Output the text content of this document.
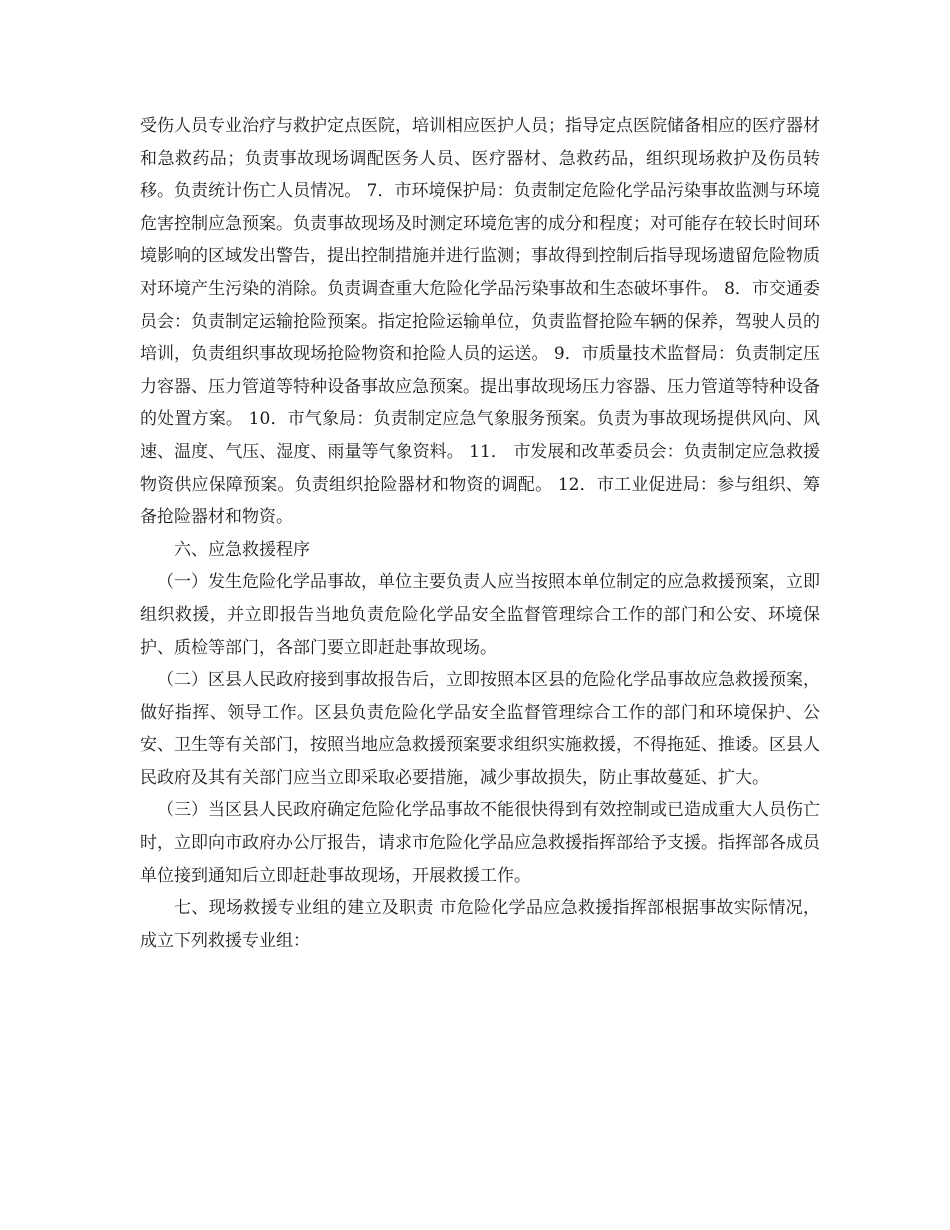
受伤人员专业治疗与救护定点医院，培训相应医护人员；指导定点医院储备相应的医疗器材和急救药品；负责事故现场调配医务人员、医疗器材、急救药品，组织现场救护及伤员转移。负责统计伤亡人员情况。 7．市环境保护局：负责制定危险化学品污染事故监测与环境危害控制应急预案。负责事故现场及时测定环境危害的成分和程度；对可能存在较长时间环境影响的区域发出警告，提出控制措施并进行监测；事故得到控制后指导现场遗留危险物质对环境产生污染的消除。负责调查重大危险化学品污染事故和生态破坏事件。 8．市交通委员会：负责制定运输抢险预案。指定抢险运输单位，负责监督抢险车辆的保养，驾驶人员的培训，负责组织事故现场抢险物资和抢险人员的运送。 9．市质量技术监督局：负责制定压力容器、压力管道等特种设备事故应急预案。提出事故现场压力容器、压力管道等特种设备的处置方案。 10．市气象局：负责制定应急气象服务预案。负责为事故现场提供风向、风速、温度、气压、湿度、雨量等气象资料。 11． 市发展和改革委员会：负责制定应急救援物资供应保障预案。负责组织抢险器材和物资的调配。 12．市工业促进局：参与组织、筹备抢险器材和物资。

六、应急救援程序

（一）发生危险化学品事故，单位主要负责人应当按照本单位制定的应急救援预案，立即组织救援，并立即报告当地负责危险化学品安全监督管理综合工作的部门和公安、环境保护、质检等部门，各部门要立即赶赴事故现场。

（二）区县人民政府接到事故报告后，立即按照本区县的危险化学品事故应急救援预案，做好指挥、领导工作。区县负责危险化学品安全监督管理综合工作的部门和环境保护、公安、卫生等有关部门，按照当地应急救援预案要求组织实施救援，不得拖延、推诿。区县人民政府及其有关部门应当立即采取必要措施，减少事故损失，防止事故蔓延、扩大。

（三）当区县人民政府确定危险化学品事故不能很快得到有效控制或已造成重大人员伤亡时，立即向市政府办公厅报告，请求市危险化学品应急救援指挥部给予支援。指挥部各成员单位接到通知后立即赶赴事故现场，开展救援工作。

七、现场救援专业组的建立及职责 市危险化学品应急救援指挥部根据事故实际情况，成立下列救援专业组：
